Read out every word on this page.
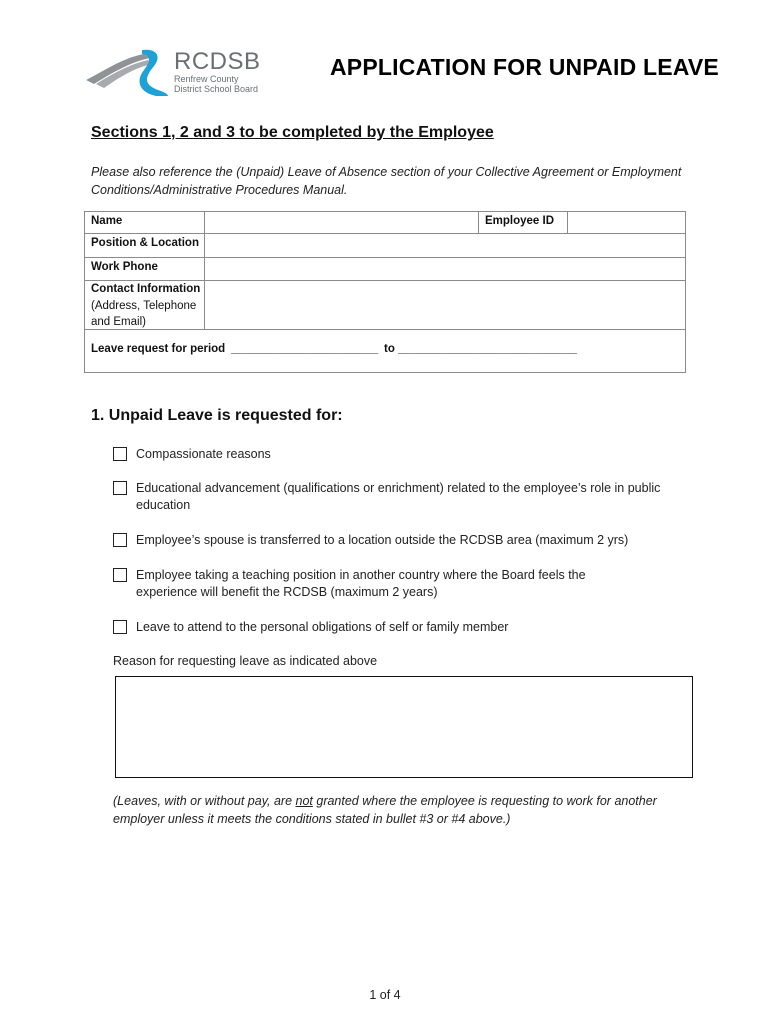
RCDSB
Renfrew County
District School Board
APPLICATION FOR UNPAID LEAVE
Sections 1, 2 and 3 to be completed by the Employee
Please also reference the (Unpaid) Leave of Absence section of your Collective Agreement or Employment Conditions/Administrative Procedures Manual.
Name	Employee ID
Position & Location
Work Phone
Contact Information
(Address, Telephone
and Email)
Leave request for period _______________________ to ____________________________
1. Unpaid Leave is requested for:
Compassionate reasons
Educational advancement (qualifications or enrichment) related to the employee’s role in public education
Employee’s spouse is transferred to a location outside the RCDSB area (maximum 2 yrs)
Employee taking a teaching position in another country where the Board feels the experience will benefit the RCDSB (maximum 2 years)
Leave to attend to the personal obligations of self or family member
Reason for requesting leave as indicated above
(Leaves, with or without pay, are not granted where the employee is requesting to work for another employer unless it meets the conditions stated in bullet #3 or #4 above.)
1 of 4
